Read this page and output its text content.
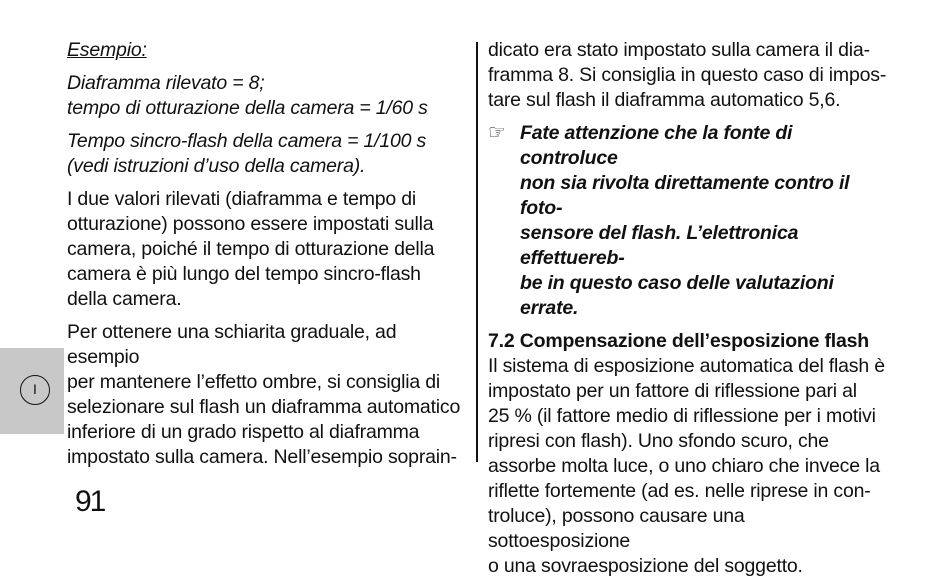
I
Esempio:
Diaframma rilevato = 8;
tempo di otturazione della camera = 1/60 s
Tempo sincro-flash della camera = 1/100 s
(vedi istruzioni d’uso della camera).
I due valori rilevati (diaframma e tempo di
otturazione) possono essere impostati sulla
camera, poiché il tempo di otturazione della
camera è più lungo del tempo sincro-flash
della camera.
Per ottenere una schiarita graduale, ad esempio
per mantenere l’effetto ombre, si consiglia di
selezionare sul flash un diaframma automatico
inferiore di un grado rispetto al diaframma
impostato sulla camera. Nell’esempio soprain-
dicato era stato impostato sulla camera il dia-
framma 8. Si consiglia in questo caso di impos-
tare sul flash il diaframma automatico 5,6.
☞ Fate attenzione che la fonte di controluce
non sia rivolta direttamente contro il foto-
sensore del flash. L’elettronica effettuereb-
be in questo caso delle valutazioni errate.
7.2 Compensazione dell’esposizione flash
Il sistema di esposizione automatica del flash è
impostato per un fattore di riflessione pari al
25 % (il fattore medio di riflessione per i motivi
ripresi con flash). Uno sfondo scuro, che
assorbe molta luce, o uno chiaro che invece la
riflette fortemente (ad es. nelle riprese in con-
troluce), possono causare una sottoesposizione
o una sovraesposizione del soggetto.
91
